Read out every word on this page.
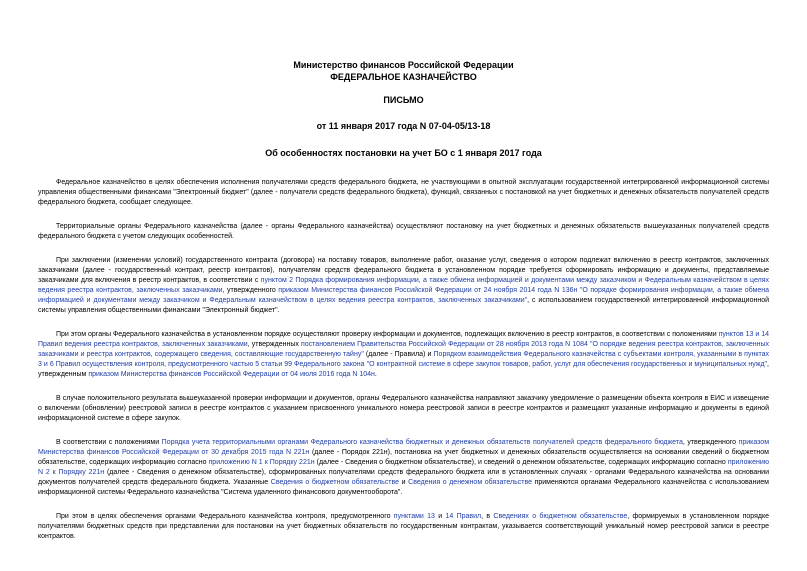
Министерство финансов Российской Федерации
ФЕДЕРАЛЬНОЕ КАЗНАЧЕЙСТВО
ПИСЬМО
от 11 января 2017 года N 07-04-05/13-18
Об особенностях постановки на учет БО с 1 января 2017 года

Федеральное казначейство в целях обеспечения исполнения получателями средств федерального бюджета, не участвующими в опытной эксплуатации государственной интегрированной информационной системы управления общественными финансами "Электронный бюджет" (далее - получатели средств федерального бюджета), функций, связанных с постановкой на учет бюджетных и денежных обязательств получателей средств федерального бюджета, сообщает следующее.

Территориальные органы Федерального казначейства (далее - органы Федерального казначейства) осуществляют постановку на учет бюджетных и денежных обязательств вышеуказанных получателей средств федерального бюджета с учетом следующих особенностей.

При заключении (изменении условий) государственного контракта (договора) на поставку товаров, выполнение работ, оказание услуг, сведения о котором подлежат включению в реестр контрактов, заключенных заказчиками (далее - государственный контракт, реестр контрактов), получателям средств федерального бюджета в установленном порядке требуется сформировать информацию и документы, представляемые заказчиками для включения в реестр контрактов, в соответствии с пунктом 2 Порядка формирования информации, а также обмена информацией и документами между заказчиком и Федеральным казначейством в целях ведения реестра контрактов, заключенных заказчиками, утвержденного приказом Министерства финансов Российской Федерации от 24 ноября 2014 года N 136н "О порядке формирования информации, а также обмена информацией и документами между заказчиком и Федеральным казначейством в целях ведения реестра контрактов, заключенных заказчиками", с использованием государственной интегрированной информационной системы управления общественными финансами "Электронный бюджет".

При этом органы Федерального казначейства в установленном порядке осуществляют проверку информации и документов, подлежащих включению в реестр контрактов, в соответствии с положениями пунктов 13 и 14 Правил ведения реестра контрактов, заключенных заказчиками, утвержденных постановлением Правительства Российской Федерации от 28 ноября 2013 года N 1084 "О порядке ведения реестра контрактов, заключенных заказчиками и реестра контрактов, содержащего сведения, составляющие государственную тайну" (далее - Правила) и Порядком взаимодействия Федерального казначейства с субъектами контроля, указанными в пунктах 3 и 6 Правил осуществления контроля, предусмотренного частью 5 статьи 99 Федерального закона "О контрактной системе в сфере закупок товаров, работ, услуг для обеспечения государственных и муниципальных нужд", утвержденным приказом Министерства финансов Российской Федерации от 04 июля 2016 года N 104н.

В случае положительного результата вышеуказанной проверки информации и документов, органы Федерального казначейства направляют заказчику уведомление о размещении объекта контроля в ЕИС и извещение о включении (обновлении) реестровой записи в реестре контрактов с указанием присвоенного уникального номера реестровой записи в реестре контрактов и размещают указанные информацию и документы в единой информационной системе в сфере закупок.

В соответствии с положениями Порядка учета территориальными органами Федерального казначейства бюджетных и денежных обязательств получателей средств федерального бюджета, утвержденного приказом Министерства финансов Российской Федерации от 30 декабря 2015 года N 221н (далее - Порядок 221н), постановка на учет бюджетных и денежных обязательств осуществляется на основании сведений о бюджетном обязательстве, содержащих информацию согласно приложению N 1 к Порядку 221н (далее - Сведения о бюджетном обязательстве), и сведений о денежном обязательстве, содержащих информацию согласно приложению N 2 к Порядку 221н (далее - Сведения о денежном обязательстве), сформированных получателями средств федерального бюджета или в установленных случаях - органами Федерального казначейства на основании документов получателей средств федерального бюджета. Указанные Сведения о бюджетном обязательстве и Сведения о денежном обязательстве применяются органами Федерального казначейства с использованием информационной системы Федерального казначейства "Система удаленного финансового документооборота".

При этом в целях обеспечения органами Федерального казначейства контроля, предусмотренного пунктами 13 и 14 Правил, в Сведениях о бюджетном обязательстве, формируемых в установленном порядке получателями бюджетных средств при представлении для постановки на учет бюджетных обязательств по государственным контрактам, указывается соответствующий уникальный номер реестровой записи в реестре контрактов.
